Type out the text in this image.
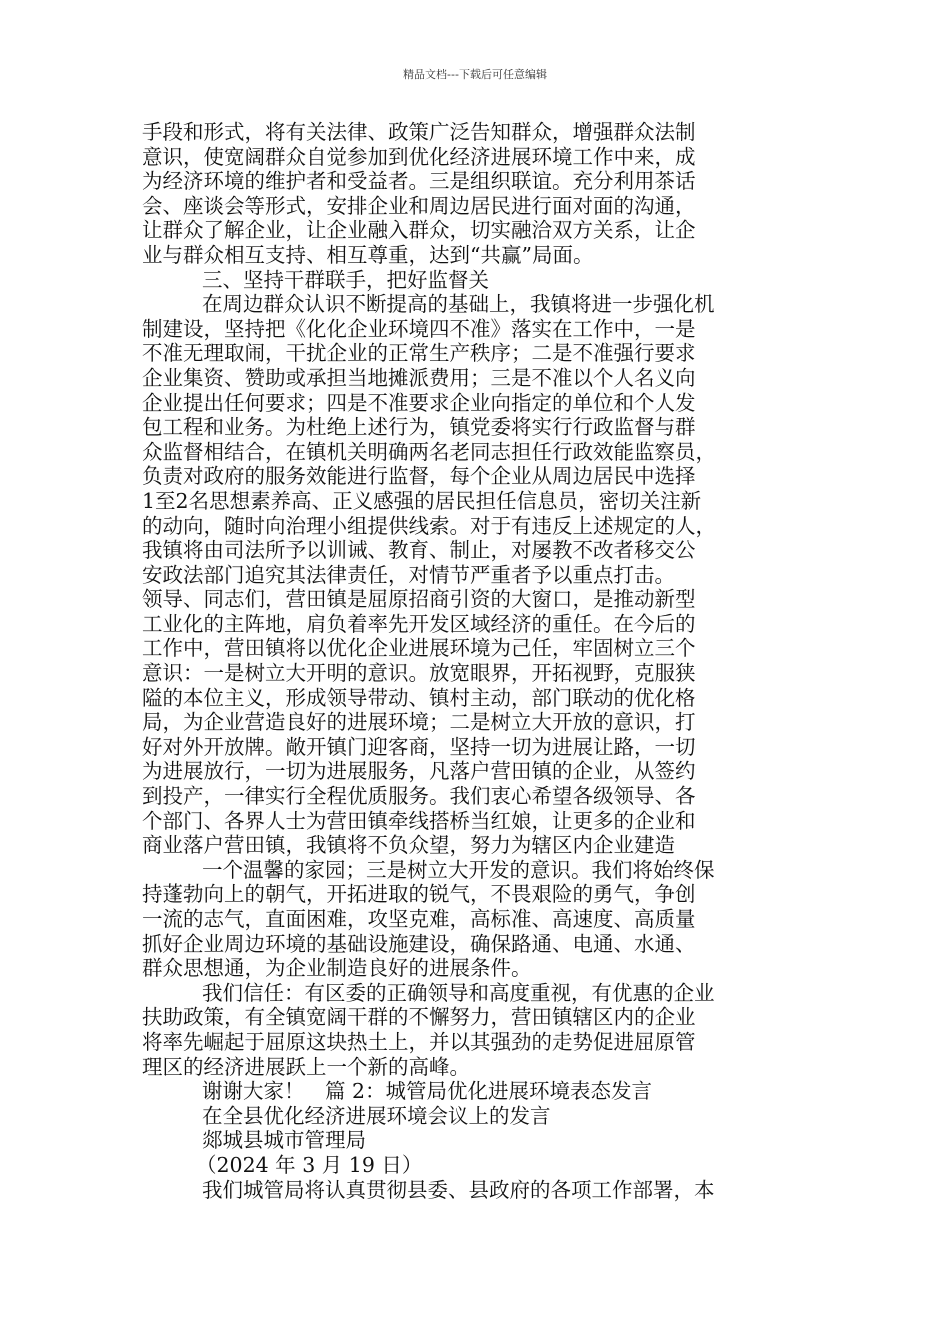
精品文档---下载后可任意编辑
手段和形式，将有关法律、政策广泛告知群众，增强群众法制
意识，使宽阔群众自觉参加到优化经济进展环境工作中来，成
为经济环境的维护者和受益者。三是组织联谊。充分利用茶话
会、座谈会等形式，安排企业和周边居民进行面对面的沟通，
让群众了解企业，让企业融入群众，切实融洽双方关系，让企
业与群众相互支持、相互尊重，达到“共赢”局面。
三、坚持干群联手，把好监督关
在周边群众认识不断提高的基础上，我镇将进一步强化机
制建设，坚持把《化化企业环境四不准》落实在工作中，一是
不准无理取闹，干扰企业的正常生产秩序；二是不准强行要求
企业集资、赞助或承担当地摊派费用；三是不准以个人名义向
企业提出任何要求；四是不准要求企业向指定的单位和个人发
包工程和业务。为杜绝上述行为，镇党委将实行行政监督与群
众监督相结合，在镇机关明确两名老同志担任行政效能监察员，
负责对政府的服务效能进行监督，每个企业从周边居民中选择
1至2名思想素养高、正义感强的居民担任信息员，密切关注新
的动向，随时向治理小组提供线索。对于有违反上述规定的人，
我镇将由司法所予以训诫、教育、制止，对屡教不改者移交公
安政法部门追究其法律责任，对情节严重者予以重点打击。
领导、同志们，营田镇是屈原招商引资的大窗口，是推动新型
工业化的主阵地，肩负着率先开发区域经济的重任。在今后的
工作中，营田镇将以优化企业进展环境为己任，牢固树立三个
意识：一是树立大开明的意识。放宽眼界，开拓视野，克服狭
隘的本位主义，形成领导带动、镇村主动，部门联动的优化格
局，为企业营造良好的进展环境；二是树立大开放的意识，打
好对外开放牌。敞开镇门迎客商，坚持一切为进展让路，一切
为进展放行，一切为进展服务，凡落户营田镇的企业，从签约
到投产，一律实行全程优质服务。我们衷心希望各级领导、各
个部门、各界人士为营田镇牵线搭桥当红娘，让更多的企业和
商业落户营田镇，我镇将不负众望，努力为辖区内企业建造
一个温馨的家园；三是树立大开发的意识。我们将始终保
持蓬勃向上的朝气，开拓进取的锐气，不畏艰险的勇气，争创
一流的志气，直面困难，攻坚克难，高标准、高速度、高质量
抓好企业周边环境的基础设施建设，确保路通、电通、水通、
群众思想通，为企业制造良好的进展条件。
我们信任：有区委的正确领导和高度重视，有优惠的企业
扶助政策，有全镇宽阔干群的不懈努力，营田镇辖区内的企业
将率先崛起于屈原这块热土上，并以其强劲的走势促进屈原管
理区的经济进展跃上一个新的高峰。
谢谢大家！　篇 2：城管局优化进展环境表态发言
在全县优化经济进展环境会议上的发言
郯城县城市管理局
（2024 年 3 月 19 日）
我们城管局将认真贯彻县委、县政府的各项工作部署，本
